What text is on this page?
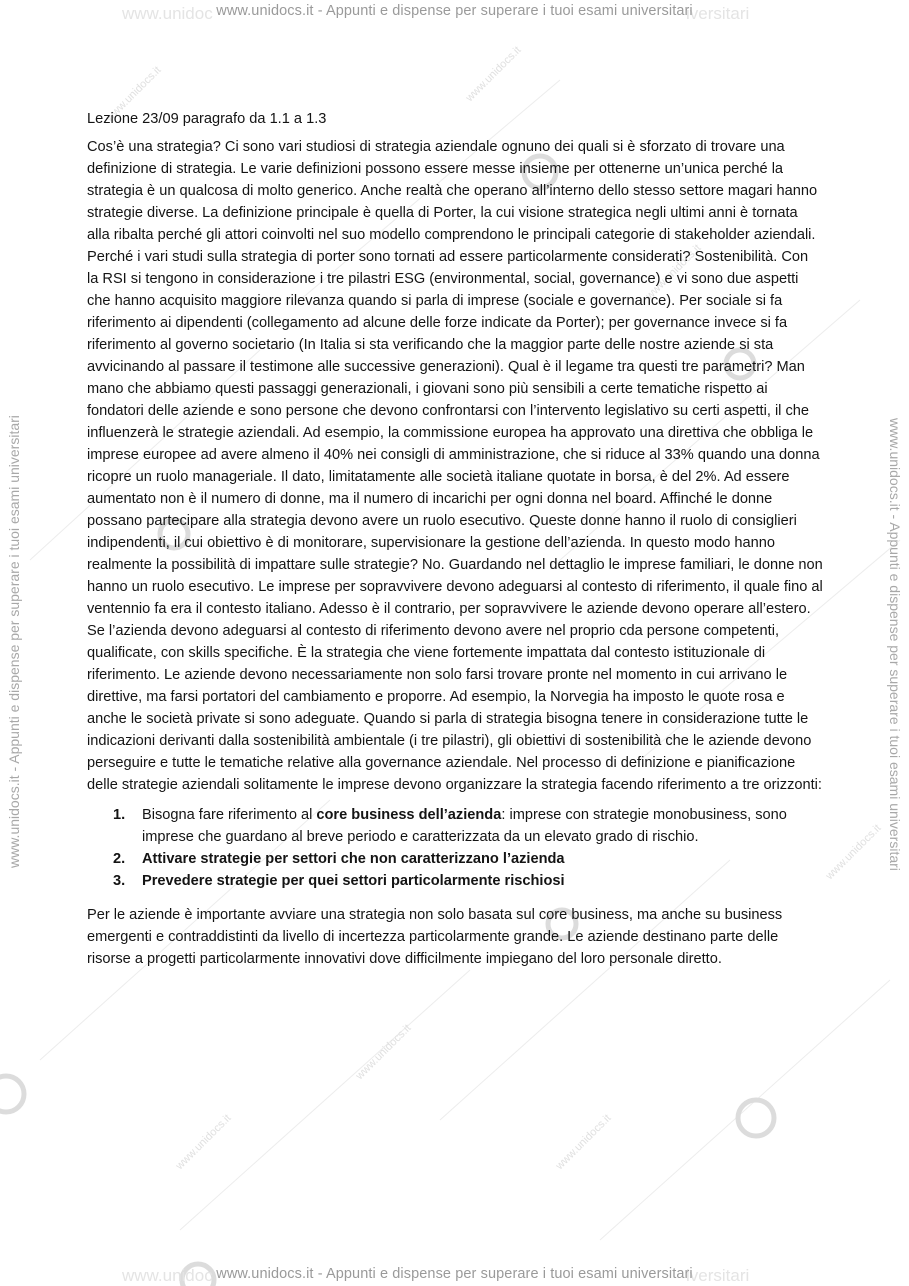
www.unidocs.it	www.unidocs.it
www.unidocs.it
www.unidocs.it	www.unidocs.it
www.unidocs.it
www.unidocs.it
www.unidoc	iversitari
www.unidoc	iversitari
www.unidocs.it - Appunti e dispense per superare i tuoi esami universitari
www.unidocs.it - Appunti e dispense per superare i tuoi esami universitari
www.unidocs.it - Appunti e dispense per superare i tuoi esami universitari	www.unidocs.it - Appunti e dispense per superare i tuoi esami universitari

Lezione 23/09 paragrafo da 1.1 a 1.3

Cos’è una strategia? Ci sono vari studiosi di strategia aziendale ognuno dei quali si è sforzato di trovare una definizione di strategia. Le varie definizioni possono essere messe insieme per ottenerne un’unica perché la strategia è un qualcosa di molto generico. Anche realtà che operano all’interno dello stesso settore magari hanno strategie diverse. La definizione principale è quella di Porter, la cui visione strategica negli ultimi anni è tornata alla ribalta perché gli attori coinvolti nel suo modello comprendono le principali categorie di stakeholder aziendali. Perché i vari studi sulla strategia di porter sono tornati ad essere particolarmente considerati? Sostenibilità. Con la RSI si tengono in considerazione i tre pilastri ESG (environmental, social, governance) e vi sono due aspetti che hanno acquisito maggiore rilevanza quando si parla di imprese (sociale e governance). Per sociale si fa riferimento ai dipendenti (collegamento ad alcune delle forze indicate da Porter); per governance invece si fa riferimento al governo societario (In Italia si sta verificando che la maggior parte delle nostre aziende si sta avvicinando al passare il testimone alle successive generazioni). Qual è il legame tra questi tre parametri? Man mano che abbiamo questi passaggi generazionali, i giovani sono più sensibili a certe tematiche rispetto ai fondatori delle aziende e sono persone che devono confrontarsi con l’intervento legislativo su certi aspetti, il che influenzerà le strategie aziendali. Ad esempio, la commissione europea ha approvato una direttiva che obbliga le imprese europee ad avere almeno il 40% nei consigli di amministrazione, che si riduce al 33% quando una donna ricopre un ruolo manageriale. Il dato, limitatamente alle società italiane quotate in borsa, è del 2%. Ad essere aumentato non è il numero di donne, ma il numero di incarichi per ogni donna nel board. Affinché le donne possano partecipare alla strategia devono avere un ruolo esecutivo. Queste donne hanno il ruolo di consiglieri indipendenti, il cui obiettivo è di monitorare, supervisionare la gestione dell’azienda. In questo modo hanno realmente la possibilità di impattare sulle strategie? No. Guardando nel dettaglio le imprese familiari, le donne non hanno un ruolo esecutivo. Le imprese per sopravvivere devono adeguarsi al contesto di riferimento, il quale fino al ventennio fa era il contesto italiano. Adesso è il contrario, per sopravvivere le aziende devono operare all’estero. Se l’azienda devono adeguarsi al contesto di riferimento devono avere nel proprio cda persone competenti, qualificate, con skills specifiche. È la strategia che viene fortemente impattata dal contesto istituzionale di riferimento. Le aziende devono necessariamente non solo farsi trovare pronte nel momento in cui arrivano le direttive, ma farsi portatori del cambiamento e proporre. Ad esempio, la Norvegia ha imposto le quote rosa e anche le società private si sono adeguate. Quando si parla di strategia bisogna tenere in considerazione tutte le indicazioni derivanti dalla sostenibilità ambientale (i tre pilastri), gli obiettivi di sostenibilità che le aziende devono perseguire e tutte le tematiche relative alla governance aziendale. Nel processo di definizione e pianificazione delle strategie aziendali solitamente le imprese devono organizzare la strategia facendo riferimento a tre orizzonti:

1. Bisogna fare riferimento al core business dell’azienda: imprese con strategie monobusiness, sono imprese che guardano al breve periodo e caratterizzata da un elevato grado di rischio.
2. Attivare strategie per settori che non caratterizzano l’azienda
3. Prevedere strategie per quei settori particolarmente rischiosi

Per le aziende è importante avviare una strategia non solo basata sul core business, ma anche su business emergenti e contraddistinti da livello di incertezza particolarmente grande. Le aziende destinano parte delle risorse a progetti particolarmente innovativi dove difficilmente impiegano del loro personale diretto.
